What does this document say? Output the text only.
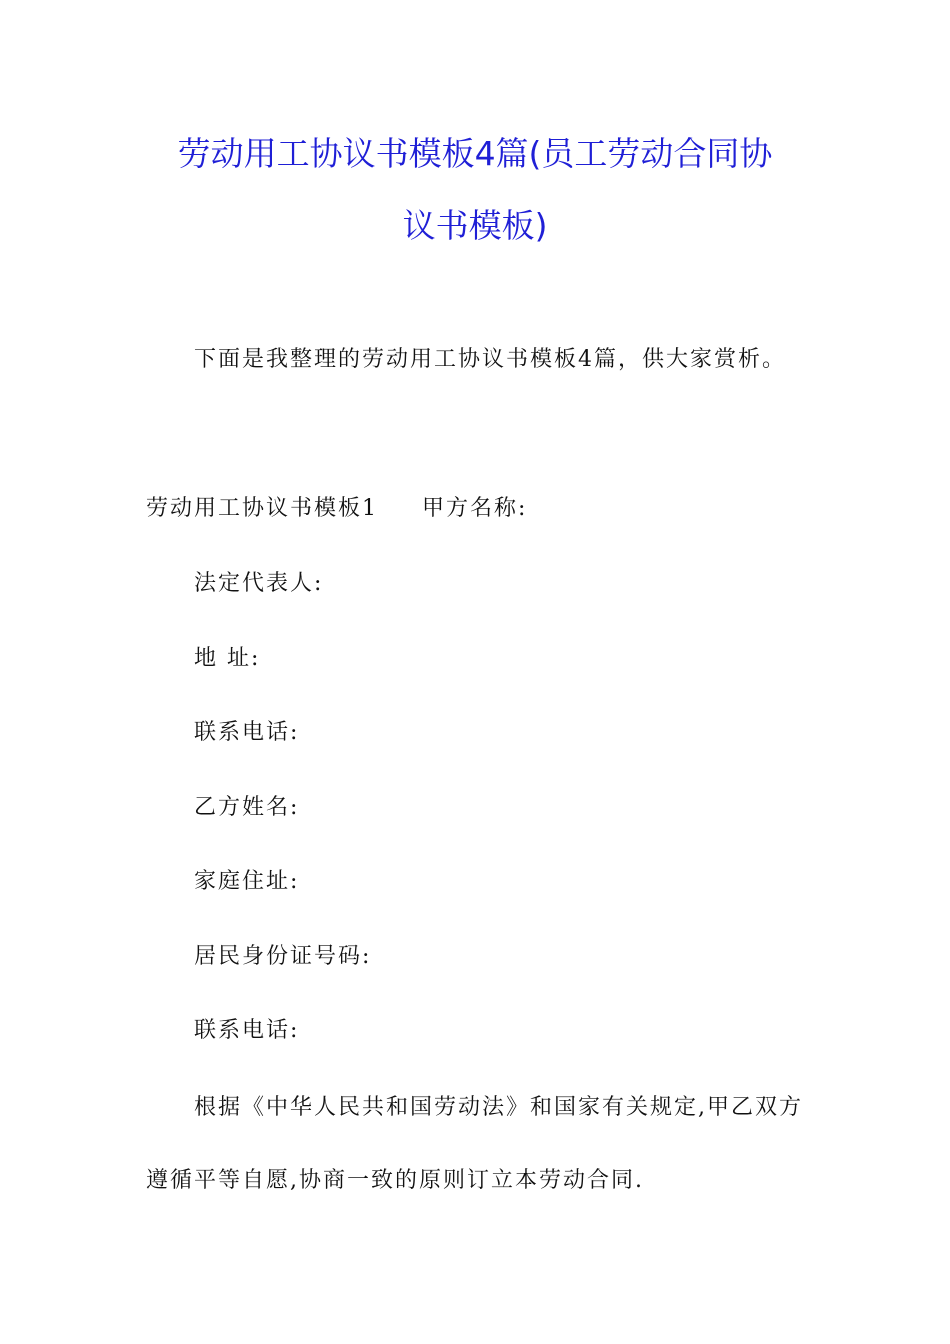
劳动用工协议书模板4篇(员工劳动合同协
议书模板)
下面是我整理的劳动用工协议书模板4篇，供大家赏析。
劳动用工协议书模板1 甲方名称:
法定代表人:
地 址:
联系电话:
乙方姓名:
家庭住址:
居民身份证号码:
联系电话:
根据《中华人民共和国劳动法》和国家有关规定,甲乙双方
遵循平等自愿,协商一致的原则订立本劳动合同.
